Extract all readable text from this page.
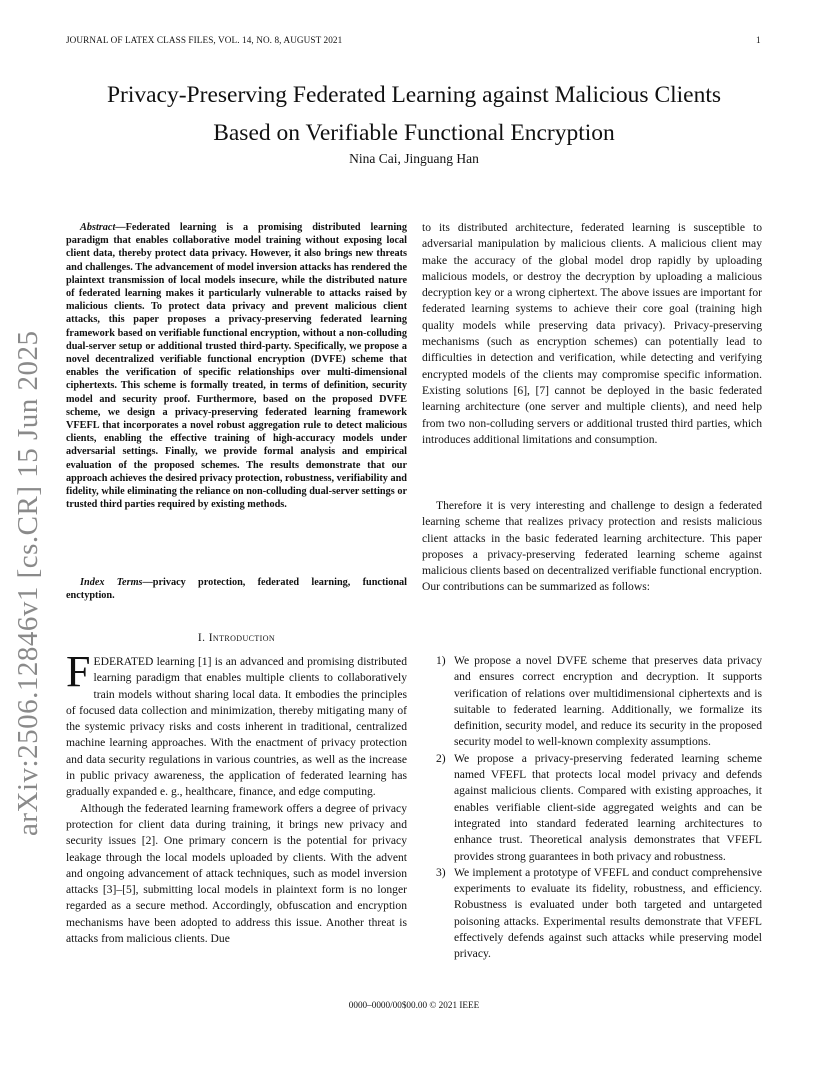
JOURNAL OF LATEX CLASS FILES, VOL. 14, NO. 8, AUGUST 2021	1
arXiv:2506.12846v1 [cs.CR] 15 Jun 2025
Privacy-Preserving Federated Learning against Malicious Clients
Based on Verifiable Functional Encryption
Nina Cai, Jinguang Han
Abstract—Federated learning is a promising distributed learning paradigm that enables collaborative model training without exposing local client data, thereby protect data privacy. However, it also brings new threats and challenges. The advancement of model inversion attacks has rendered the plaintext transmission of local models insecure, while the distributed nature of federated learning makes it particularly vulnerable to attacks raised by malicious clients. To protect data privacy and prevent malicious client attacks, this paper proposes a privacy-preserving federated learning framework based on verifiable functional encryption, without a non-colluding dual-server setup or additional trusted third-party. Specifically, we propose a novel decentralized verifiable functional encryption (DVFE) scheme that enables the verification of specific relationships over multi-dimensional ciphertexts. This scheme is formally treated, in terms of definition, security model and security proof. Furthermore, based on the proposed DVFE scheme, we design a privacy-preserving federated learning framework VFEFL that incorporates a novel robust aggregation rule to detect malicious clients, enabling the effective training of high-accuracy models under adversarial settings. Finally, we provide formal analysis and empirical evaluation of the proposed schemes. The results demonstrate that our approach achieves the desired privacy protection, robustness, verifiability and fidelity, while eliminating the reliance on non-colluding dual-server settings or trusted third parties required by existing methods.
Index Terms—privacy protection, federated learning, functional enctyption.
I. Introduction

FEDERATED learning [1] is an advanced and promising distributed learning paradigm that enables multiple clients to collaboratively train models without sharing local data. It embodies the principles of focused data collection and minimization, thereby mitigating many of the systemic privacy risks and costs inherent in traditional, centralized machine learning approaches. With the enactment of privacy protection and data security regulations in various countries, as well as the increase in public privacy awareness, the application of federated learning has gradually expanded e. g., healthcare, finance, and edge computing.

Although the federated learning framework offers a degree of privacy protection for client data during training, it brings new privacy and security issues [2]. One primary concern is the potential for privacy leakage through the local models uploaded by clients. With the advent and ongoing advancement of attack techniques, such as model inversion attacks [3]–[5], submitting local models in plaintext form is no longer regarded as a secure method. Accordingly, obfuscation and encryption mechanisms have been adopted to address this issue. Another threat is attacks from malicious clients. Due

to its distributed architecture, federated learning is susceptible to adversarial manipulation by malicious clients. A malicious client may make the accuracy of the global model drop rapidly by uploading malicious models, or destroy the decryption by uploading a malicious decryption key or a wrong ciphertext. The above issues are important for federated learning systems to achieve their core goal (training high quality models while preserving data privacy). Privacy-preserving mechanisms (such as encryption schemes) can potentially lead to difficulties in detection and verification, while detecting and verifying encrypted models of the clients may compromise specific information. Existing solutions [6], [7] cannot be deployed in the basic federated learning architecture (one server and multiple clients), and need help from two non-colluding servers or additional trusted third parties, which introduces additional limitations and consumption.

Therefore it is very interesting and challenge to design a federated learning scheme that realizes privacy protection and resists malicious client attacks in the basic federated learning architecture. This paper proposes a privacy-preserving federated learning scheme against malicious clients based on decentralized verifiable functional encryption. Our contributions can be summarized as follows:

1) We propose a novel DVFE scheme that preserves data privacy and ensures correct encryption and decryption. It supports verification of relations over multidimensional ciphertexts and is suitable to federated learning. Additionally, we formalize its definition, security model, and reduce its security in the proposed security model to well-known complexity assumptions.
2) We propose a privacy-preserving federated learning scheme named VFEFL that protects local model privacy and defends against malicious clients. Compared with existing approaches, it enables verifiable client-side aggregated weights and can be integrated into standard federated learning architectures to enhance trust. Theoretical analysis demonstrates that VFEFL provides strong guarantees in both privacy and robustness.
3) We implement a prototype of VFEFL and conduct comprehensive experiments to evaluate its fidelity, robustness, and efficiency. Robustness is evaluated under both targeted and untargeted poisoning attacks. Experimental results demonstrate that VFEFL effectively defends against such attacks while preserving model privacy.
0000–0000/00$00.00 © 2021 IEEE
